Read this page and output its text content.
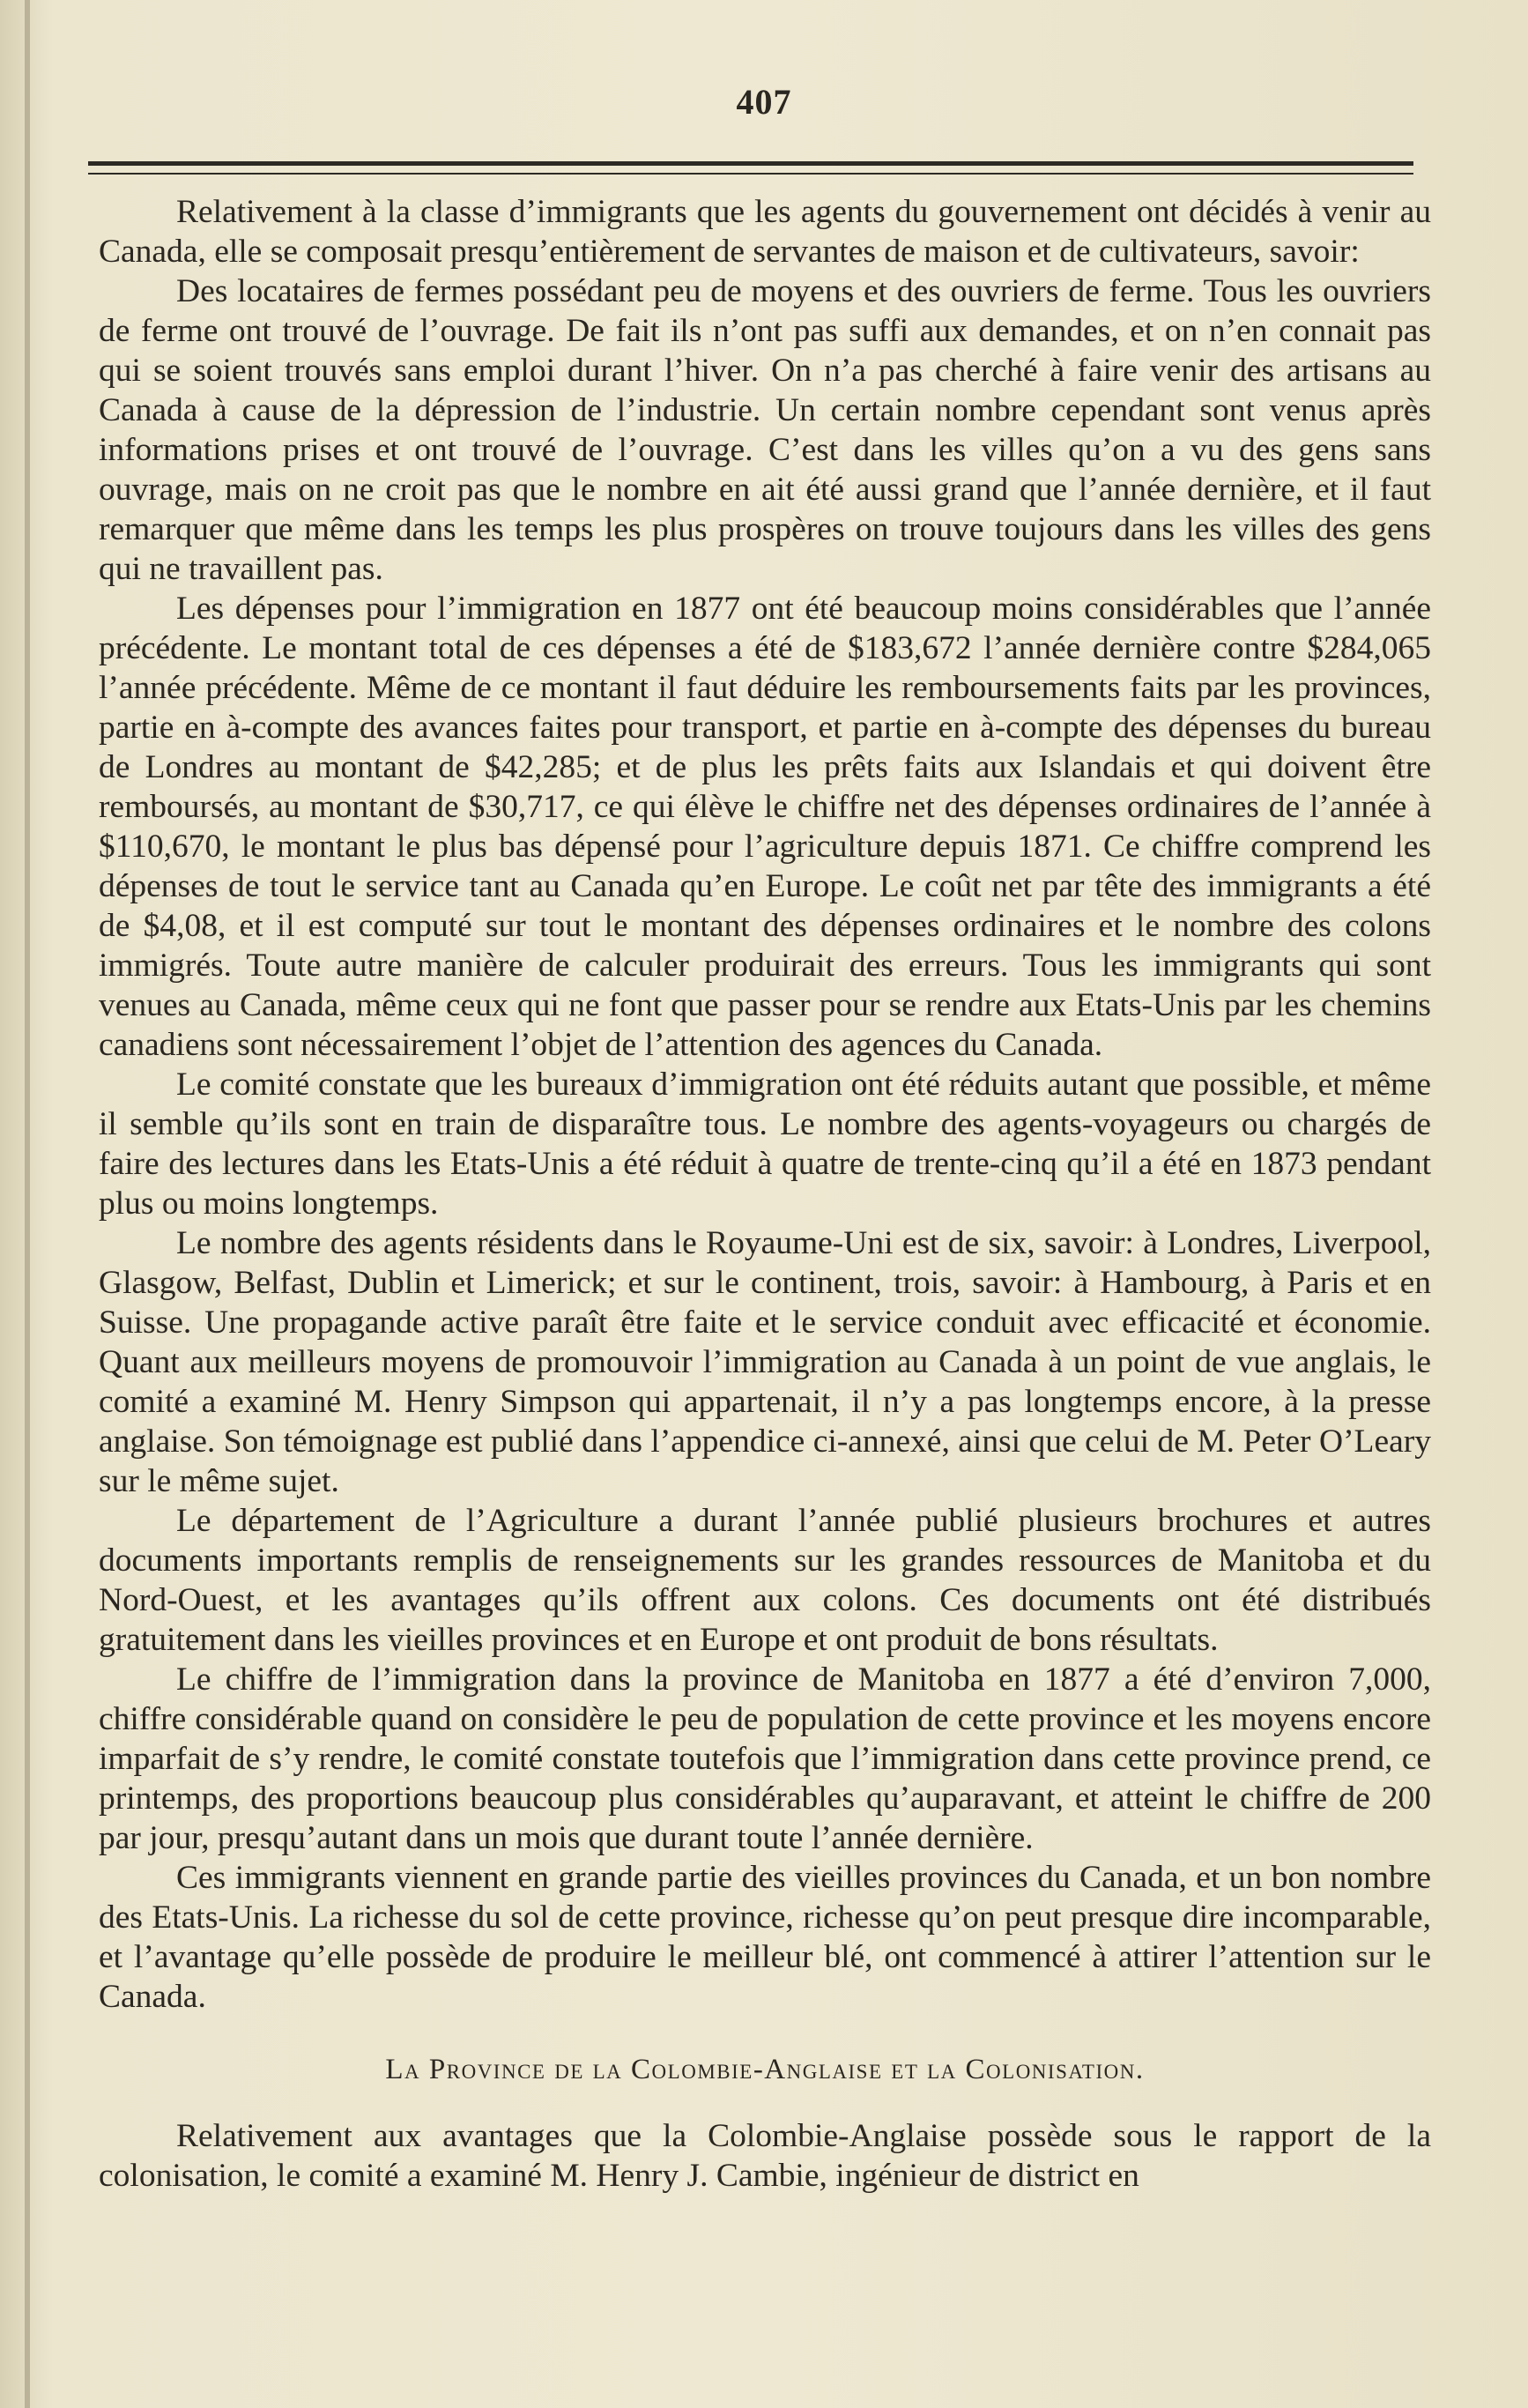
407

Relativement à la classe d’immigrants que les agents du gouvernement ont décidés à venir au Canada, elle se composait presqu’entièrement de servantes de maison et de cultivateurs, savoir:

Des locataires de fermes possédant peu de moyens et des ouvriers de ferme. Tous les ouvriers de ferme ont trouvé de l’ouvrage. De fait ils n’ont pas suffi aux demandes, et on n’en connait pas qui se soient trouvés sans emploi durant l’hiver. On n’a pas cherché à faire venir des artisans au Canada à cause de la dépression de l’industrie. Un certain nombre cependant sont venus après informations prises et ont trouvé de l’ouvrage. C’est dans les villes qu’on a vu des gens sans ouvrage, mais on ne croit pas que le nombre en ait été aussi grand que l’année dernière, et il faut remarquer que même dans les temps les plus prospères on trouve toujours dans les villes des gens qui ne travaillent pas.

Les dépenses pour l’immigration en 1877 ont été beaucoup moins considérables que l’année précédente. Le montant total de ces dépenses a été de $183,672 l’année dernière contre $284,065 l’année précédente. Même de ce montant il faut déduire les remboursements faits par les provinces, partie en à-compte des avances faites pour transport, et partie en à-compte des dépenses du bureau de Londres au montant de $42,285; et de plus les prêts faits aux Islandais et qui doivent être remboursés, au montant de $30,717, ce qui élève le chiffre net des dépenses ordinaires de l’année à $110,670, le montant le plus bas dépensé pour l’agriculture depuis 1871. Ce chiffre comprend les dépenses de tout le service tant au Canada qu’en Europe. Le coût net par tête des immigrants a été de $4,08, et il est computé sur tout le montant des dépenses ordinaires et le nombre des colons immigrés. Toute autre manière de calculer produirait des erreurs. Tous les immigrants qui sont venues au Canada, même ceux qui ne font que passer pour se rendre aux Etats-Unis par les chemins canadiens sont nécessairement l’objet de l’attention des agences du Canada.

Le comité constate que les bureaux d’immigration ont été réduits autant que possible, et même il semble qu’ils sont en train de disparaître tous. Le nombre des agents-voyageurs ou chargés de faire des lectures dans les Etats-Unis a été réduit à quatre de trente-cinq qu’il a été en 1873 pendant plus ou moins longtemps.

Le nombre des agents résidents dans le Royaume-Uni est de six, savoir: à Londres, Liverpool, Glasgow, Belfast, Dublin et Limerick; et sur le continent, trois, savoir: à Hambourg, à Paris et en Suisse. Une propagande active paraît être faite et le service conduit avec efficacité et économie. Quant aux meilleurs moyens de promouvoir l’immigration au Canada à un point de vue anglais, le comité a examiné M. Henry Simpson qui appartenait, il n’y a pas longtemps encore, à la presse anglaise. Son témoignage est publié dans l’appendice ci-annexé, ainsi que celui de M. Peter O’Leary sur le même sujet.

Le département de l’Agriculture a durant l’année publié plusieurs brochures et autres documents importants remplis de renseignements sur les grandes ressources de Manitoba et du Nord-Ouest, et les avantages qu’ils offrent aux colons. Ces documents ont été distribués gratuitement dans les vieilles provinces et en Europe et ont produit de bons résultats.

Le chiffre de l’immigration dans la province de Manitoba en 1877 a été d’environ 7,000, chiffre considérable quand on considère le peu de population de cette province et les moyens encore imparfait de s’y rendre, le comité constate toutefois que l’immigration dans cette province prend, ce printemps, des proportions beaucoup plus considérables qu’auparavant, et atteint le chiffre de 200 par jour, presqu’autant dans un mois que durant toute l’année dernière.

Ces immigrants viennent en grande partie des vieilles provinces du Canada, et un bon nombre des Etats-Unis. La richesse du sol de cette province, richesse qu’on peut presque dire incomparable, et l’avantage qu’elle possède de produire le meilleur blé, ont commencé à attirer l’attention sur le Canada.

La Province de la Colombie-Anglaise et la Colonisation.

Relativement aux avantages que la Colombie-Anglaise possède sous le rapport de la colonisation, le comité a examiné M. Henry J. Cambie, ingénieur de district en
